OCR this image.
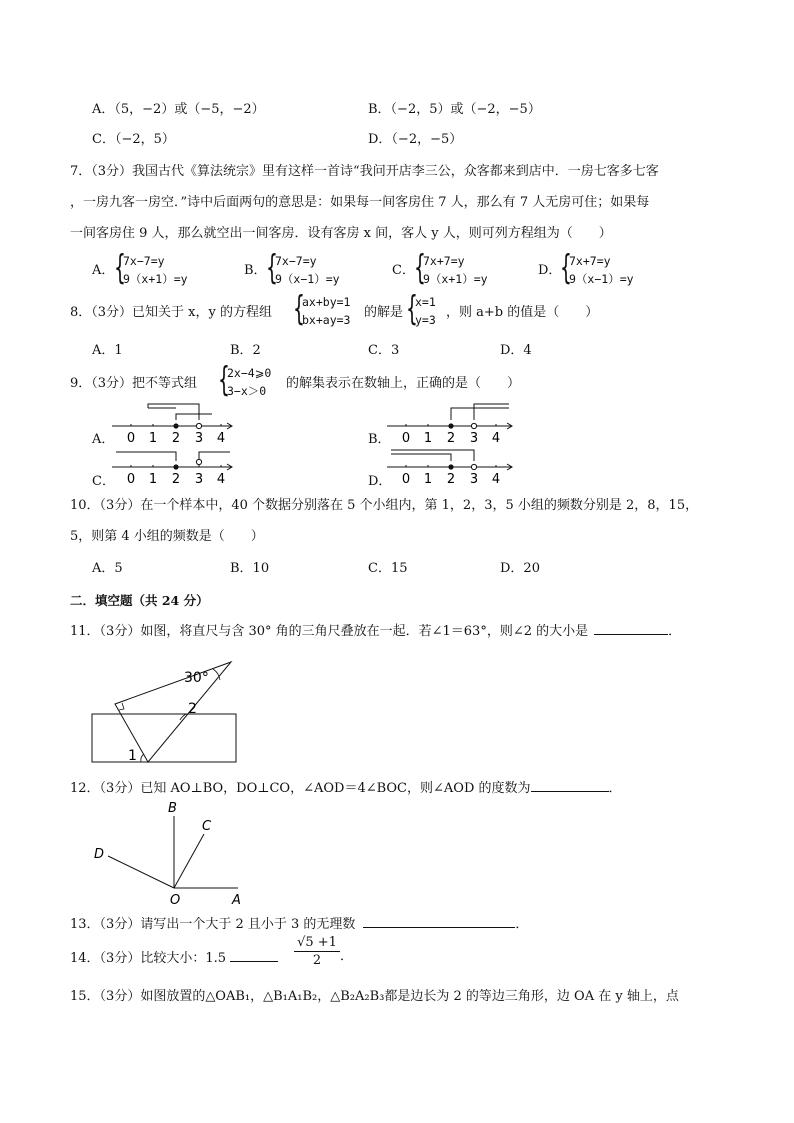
A．（5，−2）或（−5，−2）	B．（−2，5）或（−2，−5）
C．（−2，5）	D．（−2，−5）
7．（3分）我国古代《算法统宗》里有这样一首诗“我问开店李三公，众客都来到店中．一房七客多七客
，一房九客一房空．”诗中后面两句的意思是：如果每一间客房住 7 人，那么有 7 人无房可住；如果每
一间客房住 9 人，那么就空出一间客房．设有客房 x 间，客人 y 人，则可列方程组为（　　）
A． {
7x−7=y
9（x+1）=y
B． {
7x−7=y
9（x−1）=y
C． {
7x+7=y
9（x+1）=y
D．
{
7x+7=y
9（x−1）=y
8．（3分）已知关于 x，y 的方程组 {
ax+by=1
bx+ay=3 的解是 {
x=1
y=3 ，则 a+b 的值是（　　）
A．1	B．2	C．3	D．4
9．（3分）把不等式组 {
2x−4⩾0
3−x＞0	的解集表示在数轴上，正确的是（　　）
A． 0 1 2 3 4	B． 0 1 2 3 4
C． 0 1 2 3 4	D． 0 1 2 3 4
10．（3分）在一个样本中，40 个数据分别落在 5 个小组内，第 1，2，3，5 小组的频数分别是 2，8，15，
5，则第 4 小组的频数是（　　）
A．5	B．10	C．15	D．20
二．填空题（共 24 分）
11．（3分）如图，将直尺与含 30° 角的三角尺叠放在一起．若∠1＝63°，则∠2 的大小是	．
30°
2
1
12．（3分）已知 AO⊥BO，DO⊥CO，∠AOD＝4∠BOC，则∠AOD 的度数为	．
B
C
D
O	A
13．（3分）请写出一个大于 2 且小于 3 的无理数	．
14．（3分）比较大小：1.5	$\frac{√5 +1}{2}$ ．
15．（3分）如图放置的△OAB₁，△B₁A₁B₂，△B₂A₂B₃都是边长为 2 的等边三角形，边 OA 在 y 轴上，点
